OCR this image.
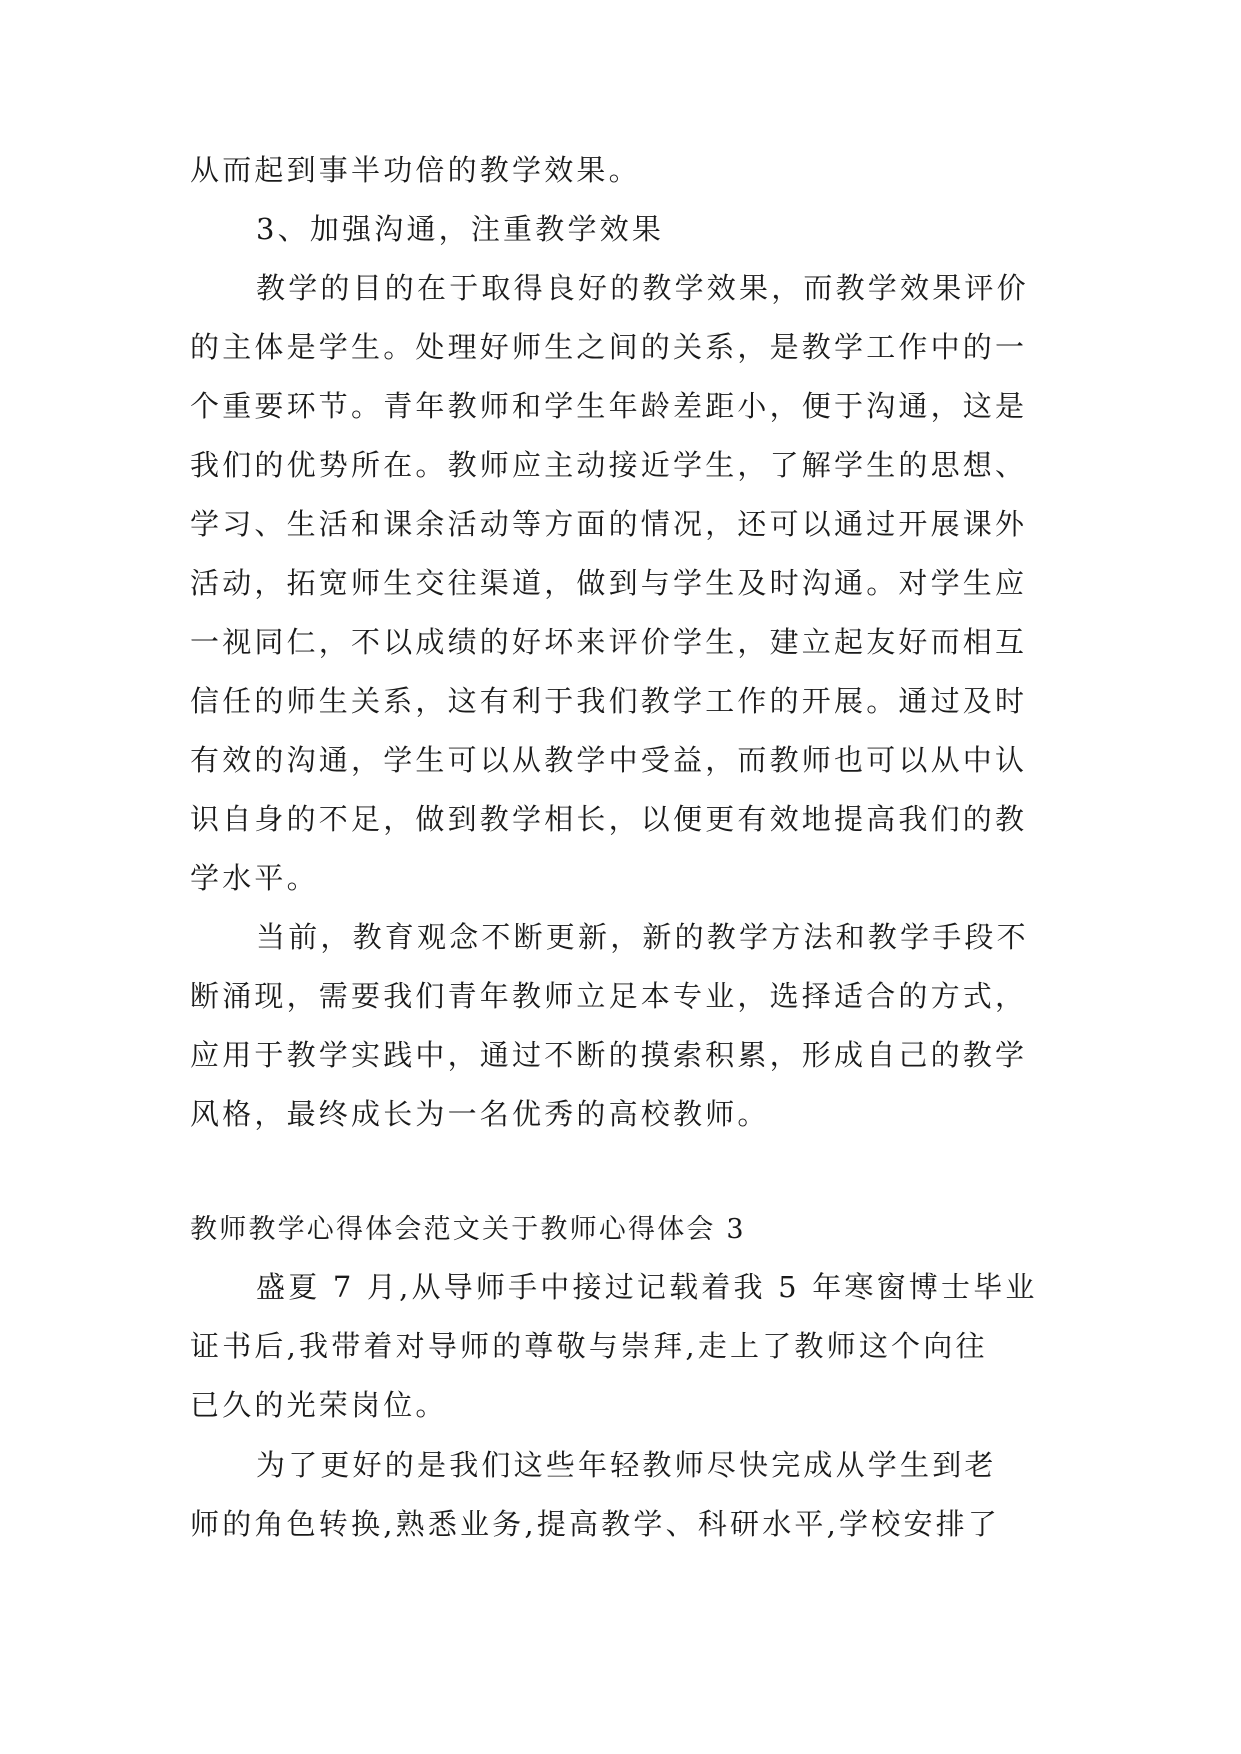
从而起到事半功倍的教学效果。
3、加强沟通，注重教学效果
教学的目的在于取得良好的教学效果，而教学效果评价
的主体是学生。处理好师生之间的关系，是教学工作中的一
个重要环节。青年教师和学生年龄差距小，便于沟通，这是
我们的优势所在。教师应主动接近学生，了解学生的思想、
学习、生活和课余活动等方面的情况，还可以通过开展课外
活动，拓宽师生交往渠道，做到与学生及时沟通。对学生应
一视同仁，不以成绩的好坏来评价学生，建立起友好而相互
信任的师生关系，这有利于我们教学工作的开展。通过及时
有效的沟通，学生可以从教学中受益，而教师也可以从中认
识自身的不足，做到教学相长，以便更有效地提高我们的教
学水平。
当前，教育观念不断更新，新的教学方法和教学手段不
断涌现，需要我们青年教师立足本专业，选择适合的方式，
应用于教学实践中，通过不断的摸索积累，形成自己的教学
风格，最终成长为一名优秀的高校教师。
教师教学心得体会范文关于教师心得体会 3
盛夏 7 月,从导师手中接过记载着我 5 年寒窗博士毕业
证书后,我带着对导师的尊敬与崇拜,走上了教师这个向往
已久的光荣岗位。
为了更好的是我们这些年轻教师尽快完成从学生到老
师的角色转换,熟悉业务,提高教学、科研水平,学校安排了
